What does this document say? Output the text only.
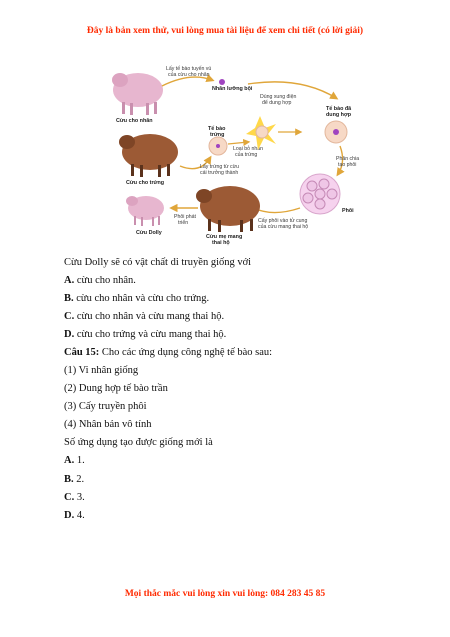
Đây là bản xem thử, vui lòng mua tài liệu để xem chi tiết (có lời giải)
Cừu cho nhân
Lấy tế bào tuyến vú
của cừu cho nhân
Nhân lưỡng bội
Cừu cho trứng
Lấy trứng từ cừu
cái trưởng thành
Tế bào
trứng
Loại bỏ nhân
của trứng
Dùng xung điện
để dung hợp
Tế bào đã
dung hợp
Phân chia
tạo phôi
Phôi
Cấy phôi vào tử cung
của cừu mang thai hộ
Cừu mẹ mang
thai hộ
Phôi phát
triển
Cừu Dolly
Cừu Dolly sẽ có vật chất di truyền giống với
A. cừu cho nhân.
B. cừu cho nhân và cừu cho trứng.
C. cừu cho nhân và cừu mang thai hộ.
D. cừu cho trứng và cừu mang thai hộ.
Câu 15: Cho các ứng dụng công nghệ tế bào sau:
(1) Vi nhân giống
(2) Dung hợp tế bào trần
(3) Cấy truyền phôi
(4) Nhân bản vô tính
Số ứng dụng tạo được giống mới là
A. 1.
B. 2.
C. 3.
D. 4.
Mọi thắc mắc vui lòng xin vui lòng: 084 283 45 85
